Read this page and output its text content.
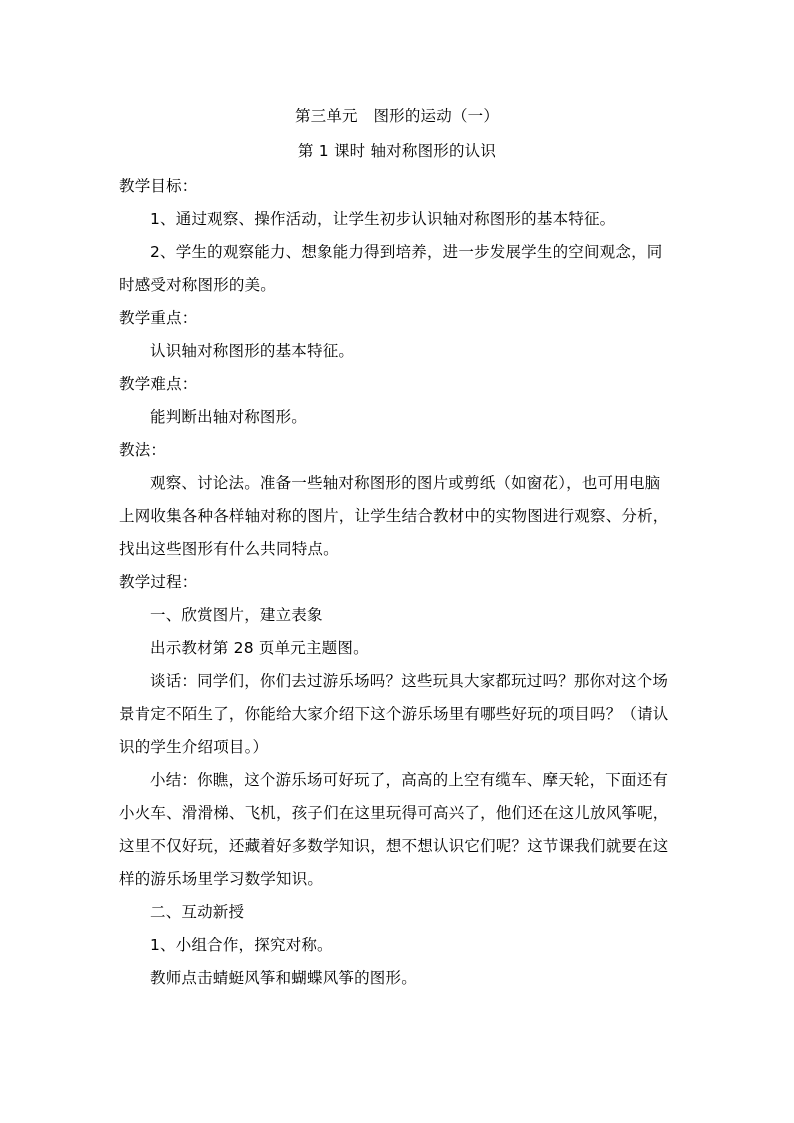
第三单元　图形的运动（一）
第 1 课时 轴对称图形的认识
教学目标：
1、通过观察、操作活动，让学生初步认识轴对称图形的基本特征。
2、学生的观察能力、想象能力得到培养，进一步发展学生的空间观念，同
时感受对称图形的美。
教学重点：
认识轴对称图形的基本特征。
教学难点：
能判断出轴对称图形。
教法：
观察、讨论法。准备一些轴对称图形的图片或剪纸（如窗花），也可用电脑
上网收集各种各样轴对称的图片，让学生结合教材中的实物图进行观察、分析，
找出这些图形有什么共同特点。
教学过程：
一、欣赏图片，建立表象
出示教材第 28 页单元主题图。
谈话：同学们，你们去过游乐场吗？这些玩具大家都玩过吗？那你对这个场
景肯定不陌生了，你能给大家介绍下这个游乐场里有哪些好玩的项目吗？（请认
识的学生介绍项目。）
小结：你瞧，这个游乐场可好玩了，高高的上空有缆车、摩天轮，下面还有
小火车、滑滑梯、飞机，孩子们在这里玩得可高兴了，他们还在这儿放风筝呢，
这里不仅好玩，还藏着好多数学知识，想不想认识它们呢？这节课我们就要在这
样的游乐场里学习数学知识。
二、互动新授
1、小组合作，探究对称。
教师点击蜻蜓风筝和蝴蝶风筝的图形。
